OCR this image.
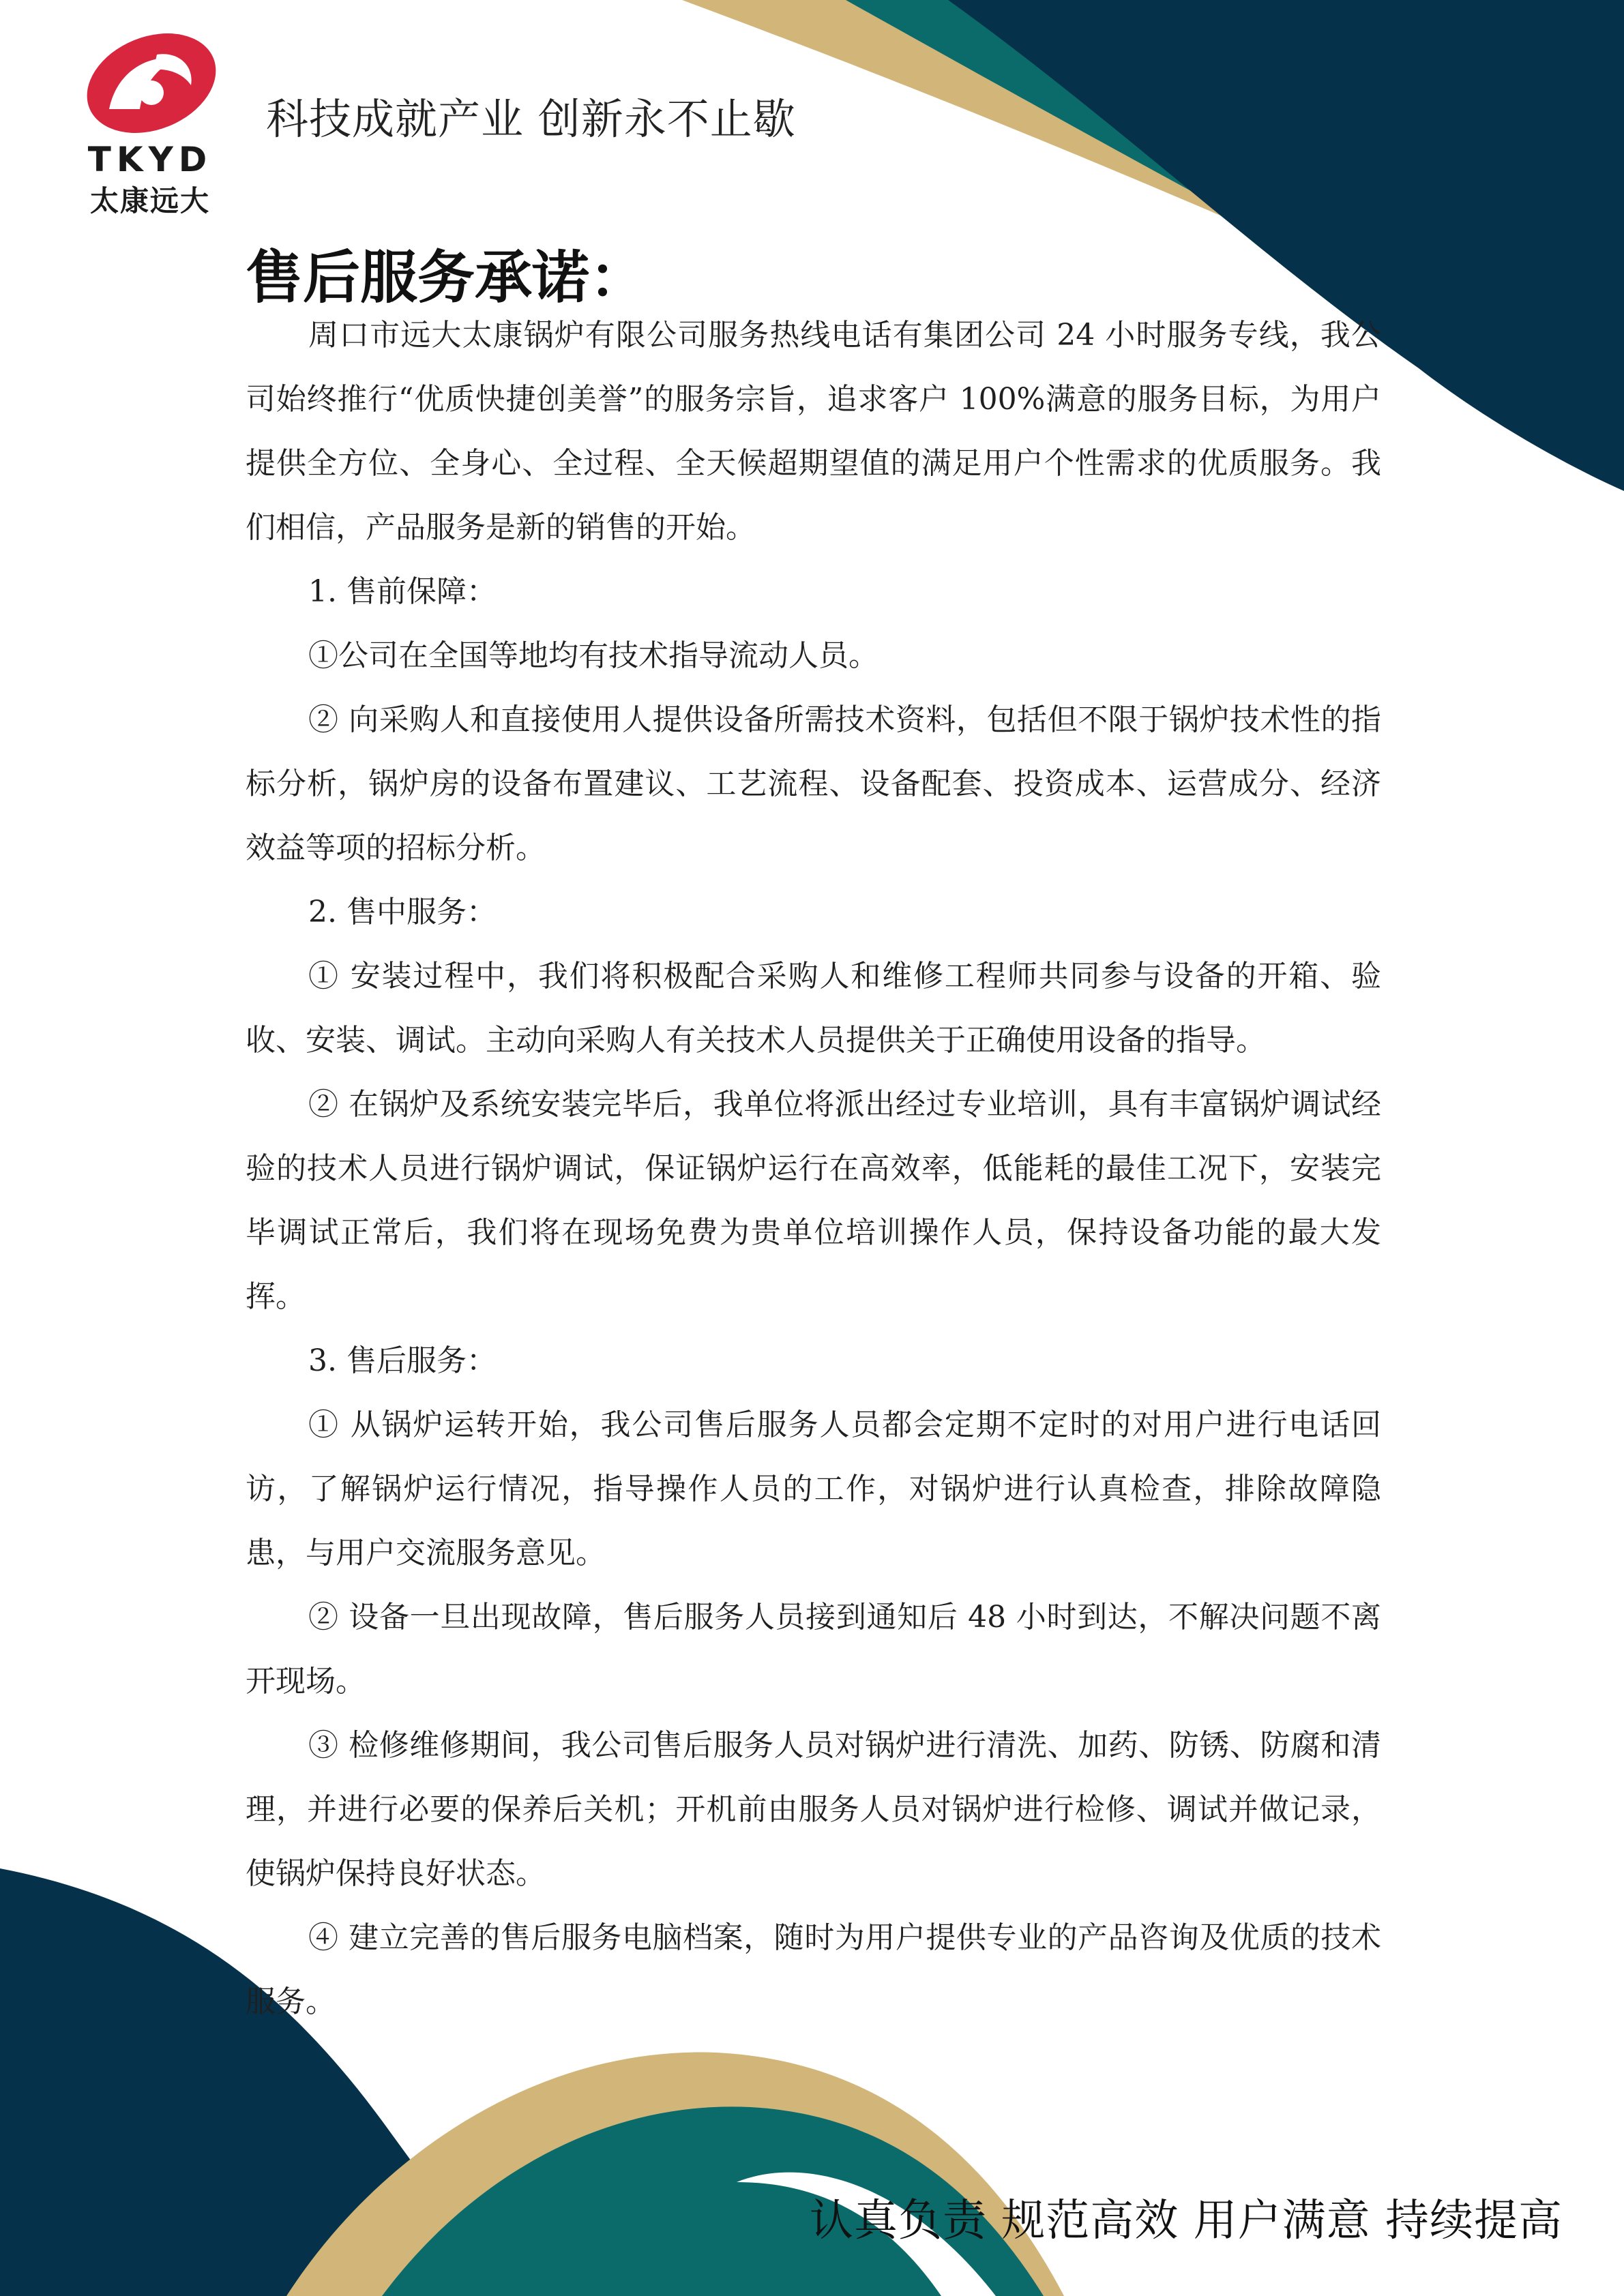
TKYD
太康远大
科技成就产业 创新永不止歇
售后服务承诺：

周口市远大太康锅炉有限公司服务热线电话有集团公司 24 小时服务专线，我公司始终推行“优质快捷创美誉”的服务宗旨，追求客户 100%满意的服务目标，为用户提供全方位、全身心、全过程、全天候超期望值的满足用户个性需求的优质服务。我们相信，产品服务是新的销售的开始。

1. 售前保障：

①公司在全国等地均有技术指导流动人员。

② 向采购人和直接使用人提供设备所需技术资料，包括但不限于锅炉技术性的指标分析，锅炉房的设备布置建议、工艺流程、设备配套、投资成本、运营成分、经济效益等项的招标分析。

2. 售中服务：

① 安装过程中，我们将积极配合采购人和维修工程师共同参与设备的开箱、验收、安装、调试。主动向采购人有关技术人员提供关于正确使用设备的指导。

② 在锅炉及系统安装完毕后，我单位将派出经过专业培训，具有丰富锅炉调试经验的技术人员进行锅炉调试，保证锅炉运行在高效率，低能耗的最佳工况下，安装完毕调试正常后，我们将在现场免费为贵单位培训操作人员，保持设备功能的最大发挥。

3. 售后服务：

① 从锅炉运转开始，我公司售后服务人员都会定期不定时的对用户进行电话回访，了解锅炉运行情况，指导操作人员的工作，对锅炉进行认真检查，排除故障隐患，与用户交流服务意见。

② 设备一旦出现故障，售后服务人员接到通知后 48 小时到达，不解决问题不离开现场。

③ 检修维修期间，我公司售后服务人员对锅炉进行清洗、加药、防锈、防腐和清理，并进行必要的保养后关机；开机前由服务人员对锅炉进行检修、调试并做记录，使锅炉保持良好状态。

④ 建立完善的售后服务电脑档案，随时为用户提供专业的产品咨询及优质的技术服务。

认真负责 规范高效 用户满意 持续提高
